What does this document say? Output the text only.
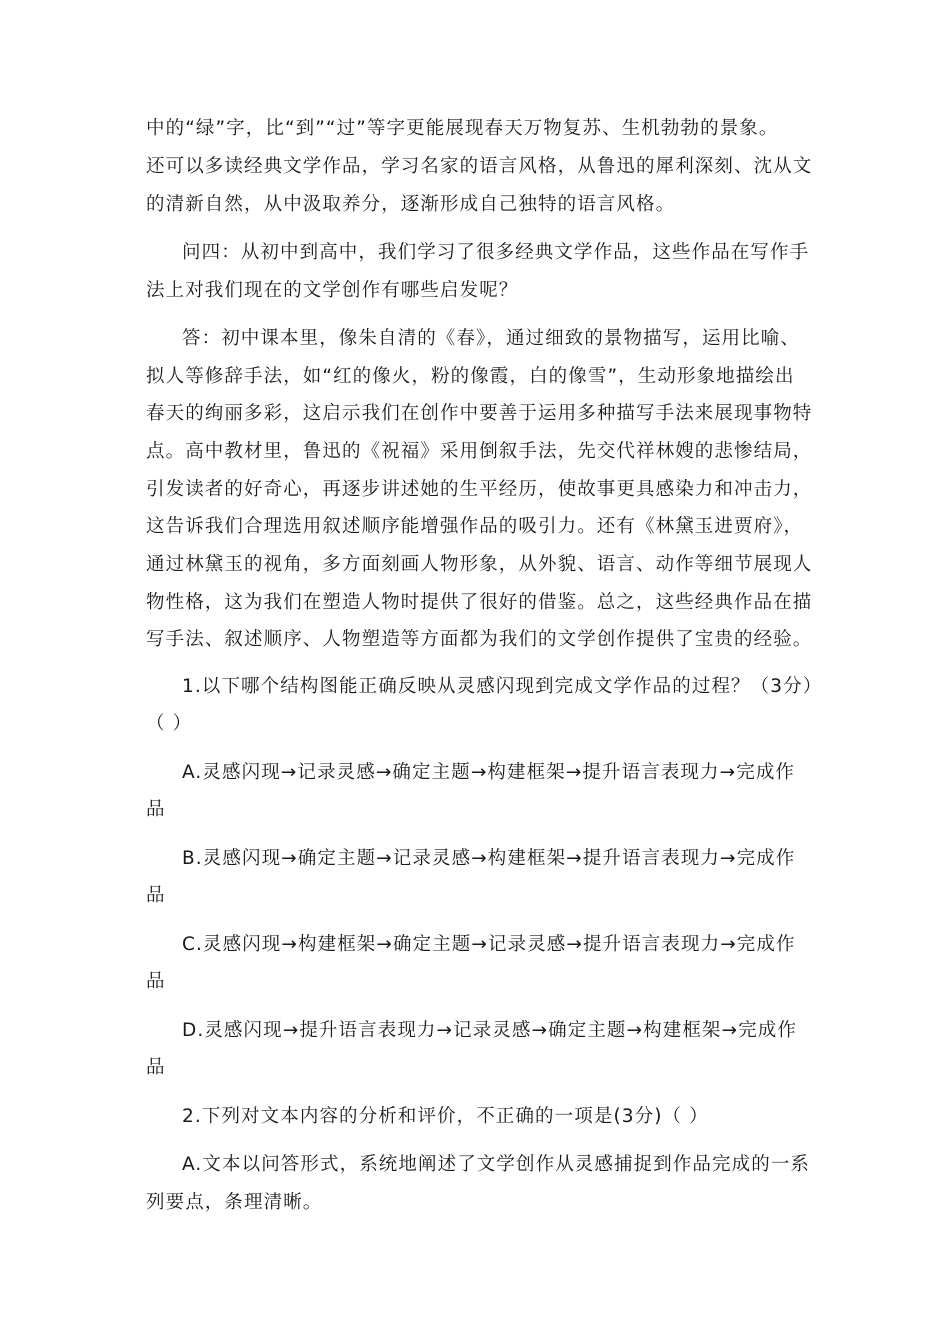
中的“绿”字，比“到”“过”等字更能展现春天万物复苏、生机勃勃的景象。

还可以多读经典文学作品，学习名家的语言风格，从鲁迅的犀利深刻、沈从文

的清新自然，从中汲取养分，逐渐形成自己独特的语言风格。

问四：从初中到高中，我们学习了很多经典文学作品，这些作品在写作手

法上对我们现在的文学创作有哪些启发呢？

答：初中课本里，像朱自清的《春》，通过细致的景物描写，运用比喻、

拟人等修辞手法，如“红的像火，粉的像霞，白的像雪”，生动形象地描绘出

春天的绚丽多彩，这启示我们在创作中要善于运用多种描写手法来展现事物特

点。高中教材里，鲁迅的《祝福》采用倒叙手法，先交代祥林嫂的悲惨结局，

引发读者的好奇心，再逐步讲述她的生平经历，使故事更具感染力和冲击力，

这告诉我们合理选用叙述顺序能增强作品的吸引力。还有《林黛玉进贾府》，

通过林黛玉的视角，多方面刻画人物形象，从外貌、语言、动作等细节展现人

物性格，这为我们在塑造人物时提供了很好的借鉴。总之，这些经典作品在描

写手法、叙述顺序、人物塑造等方面都为我们的文学创作提供了宝贵的经验。

1.以下哪个结构图能正确反映从灵感闪现到完成文学作品的过程？（3分）

（ ）

A.灵感闪现→记录灵感→确定主题→构建框架→提升语言表现力→完成作

品

B.灵感闪现→确定主题→记录灵感→构建框架→提升语言表现力→完成作

品

C.灵感闪现→构建框架→确定主题→记录灵感→提升语言表现力→完成作

品

D.灵感闪现→提升语言表现力→记录灵感→确定主题→构建框架→完成作

品

2.下列对文本内容的分析和评价，不正确的一项是(3分)（ ）

A.文本以问答形式，系统地阐述了文学创作从灵感捕捉到作品完成的一系

列要点，条理清晰。
